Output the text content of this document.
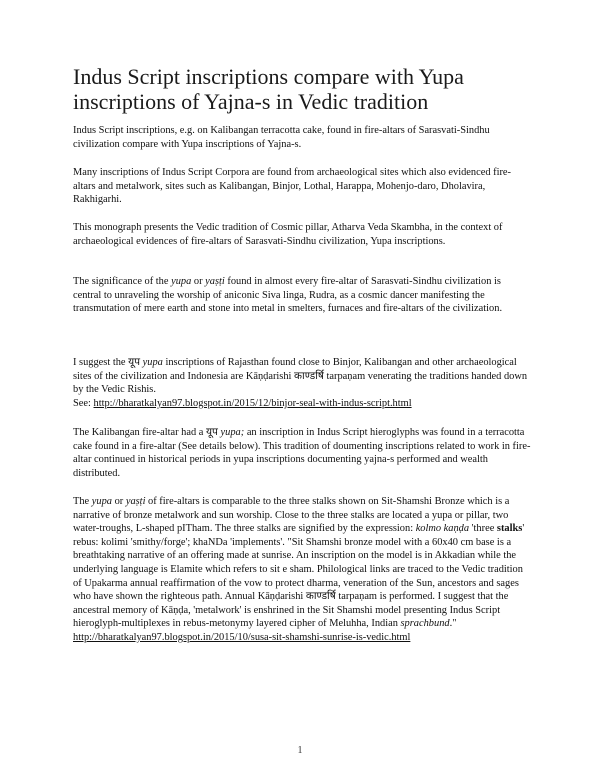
Indus Script inscriptions compare with Yupa inscriptions of Yajna-s in Vedic tradition

Indus Script inscriptions, e.g. on Kalibangan terracotta cake, found in fire-altars of Sarasvati-Sindhu civilization compare with Yupa inscriptions of Yajna-s.

Many inscriptions of Indus Script Corpora are found from archaeological sites which also evidenced fire-altars and metalwork, sites such as Kalibangan, Binjor, Lothal, Harappa, Mohenjo-daro, Dholavira, Rakhigarhi.

This monograph presents the Vedic tradition of Cosmic pillar, Atharva Veda Skambha, in the context of archaeological evidences of fire-altars of Sarasvati-Sindhu civilization, Yupa inscriptions.

The significance of the yupa or yaṣṭi found in almost every fire-altar of Sarasvati-Sindhu civilization is central to unraveling the worship of aniconic Siva linga, Rudra, as a cosmic dancer manifesting the transmutation of mere earth and stone into metal in smelters, furnaces and fire-altars of the civilization.

I suggest the यूप yupa inscriptions of Rajasthan found close to Binjor, Kalibangan and other archaeological sites of the civilization and Indonesia are Kāṇḍarishi काण्डर्षि tarpaṇam venerating the traditions handed down by the Vedic Rishis.
See: http://bharatkalyan97.blogspot.in/2015/12/binjor-seal-with-indus-script.html

The Kalibangan fire-altar had a यूप yupa; an inscription in Indus Script hieroglyphs was found in a terracotta cake found in a fire-altar (See details below). This tradition of doumenting inscriptions related to work in fire-altar continued in historical periods in yupa inscriptions documenting yajna-s performed and wealth distributed.

The yupa or yaṣṭi of fire-altars is comparable to the three stalks shown on Sit-Shamshi Bronze which is a narrative of bronze metalwork and sun worship. Close to the three stalks are located a yupa or pillar, two water-troughs, L-shaped pITham. The three stalks are signified by the expression: kolmo kaṇḍa 'three stalks' rebus: kolimi 'smithy/forge'; khaNDa 'implements'. "Sit Shamshi bronze model with a 60x40 cm base is a breathtaking narrative of an offering made at sunrise. An inscription on the model is in Akkadian while the underlying language is Elamite which refers to sit e sham. Philological links are traced to the Vedic tradition of Upakarma annual reaffirmation of the vow to protect dharma, veneration of the Sun, ancestors and sages who have shown the righteous path. Annual Kāṇḍarishi काण्डर्षि tarpaṇam is performed. I suggest that the ancestral memory of Kāṇḍa, 'metalwork' is enshrined in the Sit Shamshi model presenting Indus Script hieroglyph-multiplexes in rebus-metonymy layered cipher of Meluhha, Indian sprachbund."
http://bharatkalyan97.blogspot.in/2015/10/susa-sit-shamshi-sunrise-is-vedic.html

1
